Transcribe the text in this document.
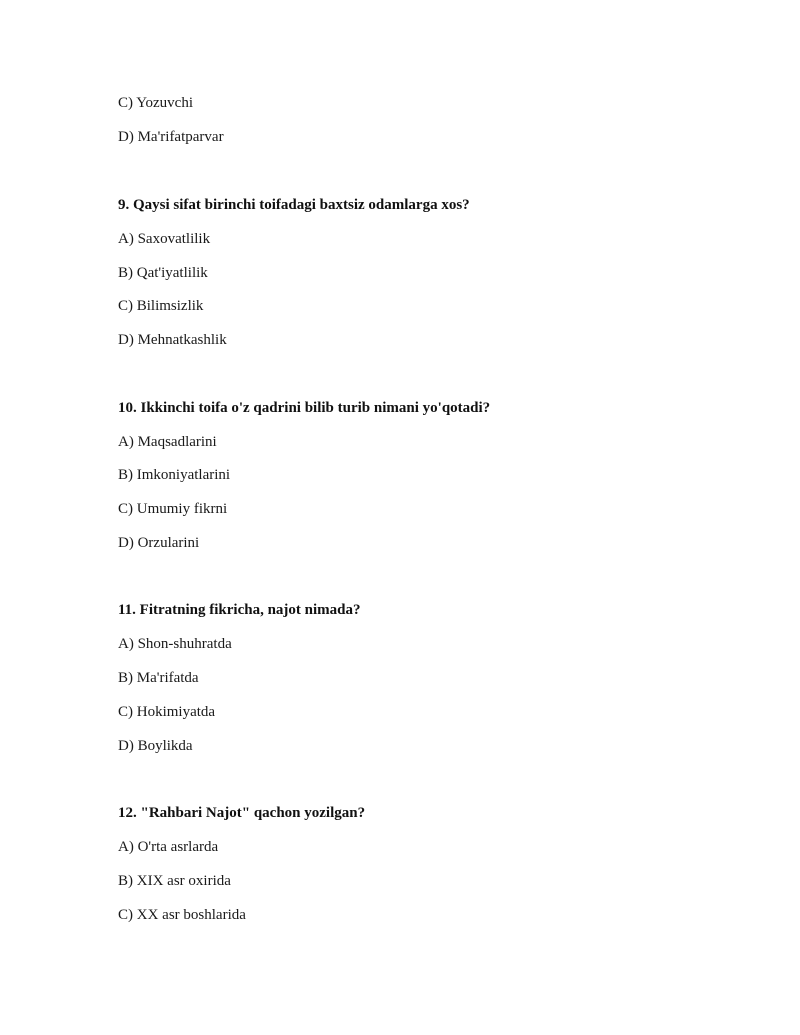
C) Yozuvchi
D) Ma'rifatparvar
9. Qaysi sifat birinchi toifadagi baxtsiz odamlarga xos?
A) Saxovatlilik
B) Qat'iyatlilik
C) Bilimsizlik
D) Mehnatkashlik
10. Ikkinchi toifa o'z qadrini bilib turib nimani yo'qotadi?
A) Maqsadlarini
B) Imkoniyatlarini
C) Umumiy fikrni
D) Orzularini
11. Fitratning fikricha, najot nimada?
A) Shon-shuhratda
B) Ma'rifatda
C) Hokimiyatda
D) Boylikda
12. "Rahbari Najot" qachon yozilgan?
A) O'rta asrlarda
B) XIX asr oxirida
C) XX asr boshlarida
